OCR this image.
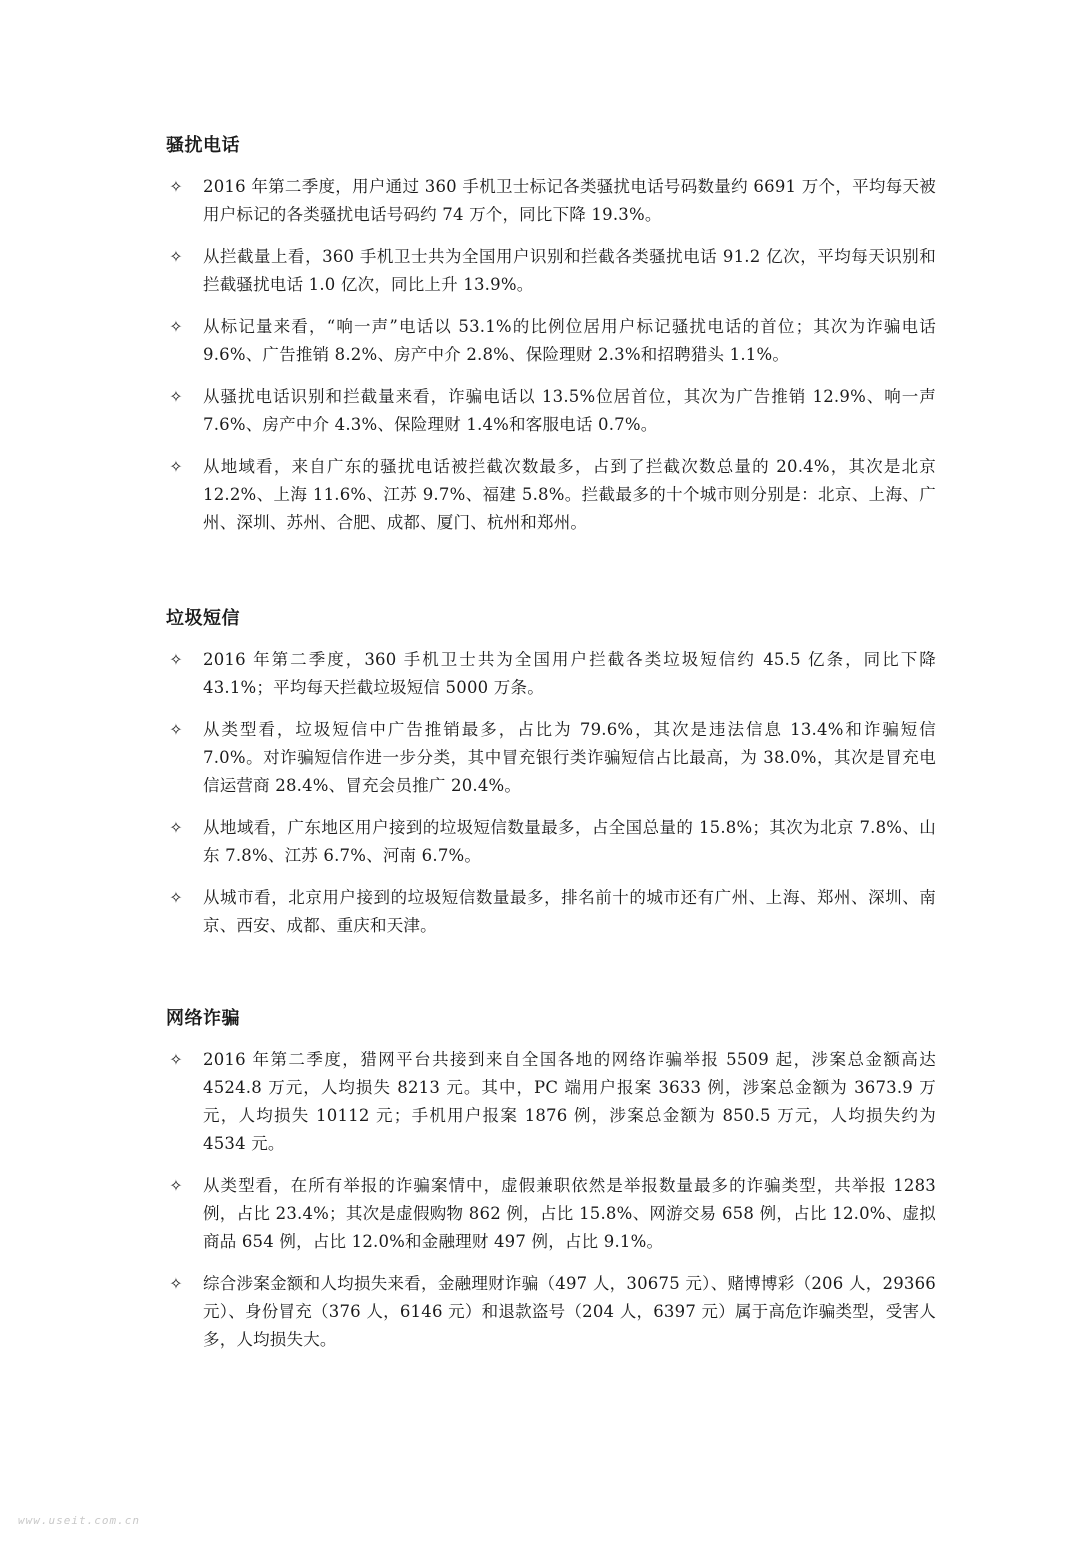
骚扰电话
✧ 2016 年第二季度，用户通过 360 手机卫士标记各类骚扰电话号码数量约 6691 万个，平均每天被用户标记的各类骚扰电话号码约 74 万个，同比下降 19.3%。
✧ 从拦截量上看，360 手机卫士共为全国用户识别和拦截各类骚扰电话 91.2 亿次，平均每天识别和拦截骚扰电话 1.0 亿次，同比上升 13.9%。
✧ 从标记量来看，“响一声”电话以 53.1%的比例位居用户标记骚扰电话的首位；其次为诈骗电话 9.6%、广告推销 8.2%、房产中介 2.8%、保险理财 2.3%和招聘猎头 1.1%。
✧ 从骚扰电话识别和拦截量来看，诈骗电话以 13.5%位居首位，其次为广告推销 12.9%、响一声 7.6%、房产中介 4.3%、保险理财 1.4%和客服电话 0.7%。
✧ 从地域看，来自广东的骚扰电话被拦截次数最多，占到了拦截次数总量的 20.4%，其次是北京 12.2%、上海 11.6%、江苏 9.7%、福建 5.8%。拦截最多的十个城市则分别是：北京、上海、广州、深圳、苏州、合肥、成都、厦门、杭州和郑州。
垃圾短信
✧ 2016 年第二季度，360 手机卫士共为全国用户拦截各类垃圾短信约 45.5 亿条，同比下降 43.1%；平均每天拦截垃圾短信 5000 万条。
✧ 从类型看，垃圾短信中广告推销最多，占比为 79.6%，其次是违法信息 13.4%和诈骗短信 7.0%。对诈骗短信作进一步分类，其中冒充银行类诈骗短信占比最高，为 38.0%，其次是冒充电信运营商 28.4%、冒充会员推广 20.4%。
✧ 从地域看，广东地区用户接到的垃圾短信数量最多，占全国总量的 15.8%；其次为北京 7.8%、山东 7.8%、江苏 6.7%、河南 6.7%。
✧ 从城市看，北京用户接到的垃圾短信数量最多，排名前十的城市还有广州、上海、郑州、深圳、南京、西安、成都、重庆和天津。
网络诈骗
✧ 2016 年第二季度，猎网平台共接到来自全国各地的网络诈骗举报 5509 起，涉案总金额高达 4524.8 万元，人均损失 8213 元。其中，PC 端用户报案 3633 例，涉案总金额为 3673.9 万元，人均损失 10112 元；手机用户报案 1876 例，涉案总金额为 850.5 万元，人均损失约为 4534 元。
✧ 从类型看，在所有举报的诈骗案情中，虚假兼职依然是举报数量最多的诈骗类型，共举报 1283 例，占比 23.4%；其次是虚假购物 862 例，占比 15.8%、网游交易 658 例，占比 12.0%、虚拟商品 654 例，占比 12.0%和金融理财 497 例，占比 9.1%。
✧ 综合涉案金额和人均损失来看，金融理财诈骗（497 人，30675 元）、赌博博彩（206 人，29366 元）、身份冒充（376 人，6146 元）和退款盗号（204 人，6397 元）属于高危诈骗类型，受害人多，人均损失大。
www.useit.com.cn
